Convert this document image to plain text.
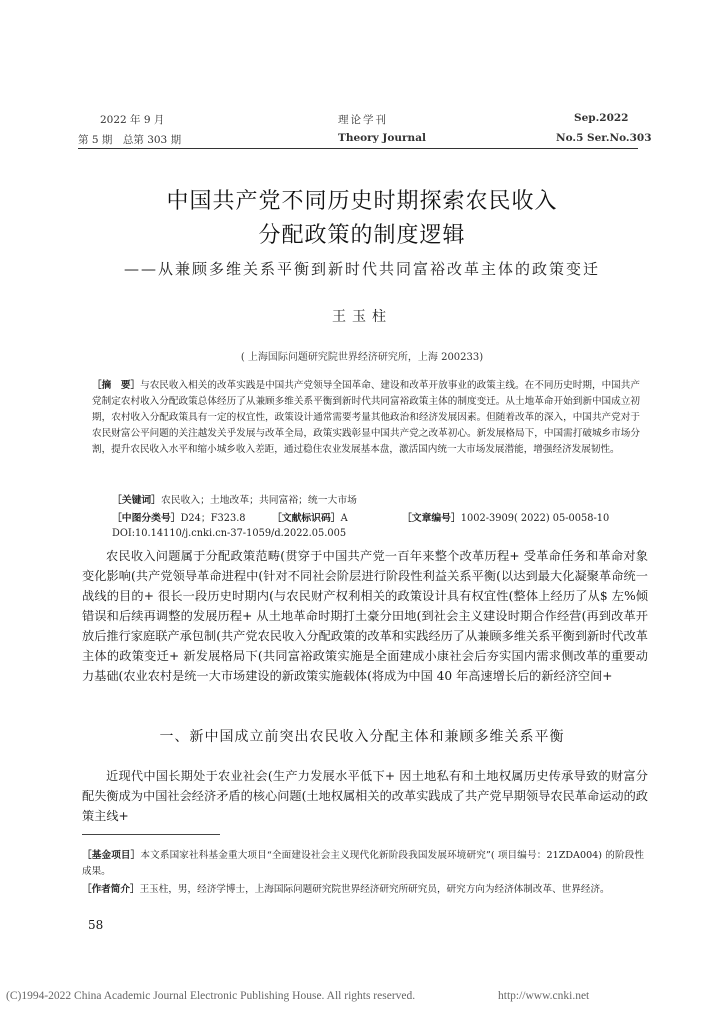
2022 年 9 月	理论学刊	Sep.2022
第 5 期　总第 303 期	Theory Journal	No.5 Ser.No.303
中国共产党不同历史时期探索农民收入
分配政策的制度逻辑
——从兼顾多维关系平衡到新时代共同富裕改革主体的政策变迁
王玉柱
( 上海国际问题研究院世界经济研究所，上海 200233)
［摘　要］与农民收入相关的改革实践是中国共产党领导全国革命、建设和改革开放事业的政策主线。在不同历史时期，中国共产党制定农村收入分配政策总体经历了从兼顾多维关系平衡到新时代共同富裕政策主体的制度变迁。从土地革命开始到新中国成立初期，农村收入分配政策具有一定的权宜性，政策设计通常需要考量其他政治和经济发展因素。但随着改革的深入，中国共产党对于农民财富公平问题的关注越发关乎发展与改革全局，政策实践彰显中国共产党之改革初心。新发展格局下，中国需打破城乡市场分割，提升农民收入水平和缩小城乡收入差距，通过稳住农业发展基本盘，激活国内统一大市场发展潜能，增强经济发展韧性。
［关键词］农民收入；土地改革；共同富裕；统一大市场
［中图分类号］D24；F323.8	［文献标识码］A	［文章编号］1002-3909( 2022) 05-0058-10
DOI:10.14110/j.cnki.cn-37-1059/d.2022.05.005
农民收入问题属于分配政策范畴(贯穿于中国共产党一百年来整个改革历程+ 受革命任务和革命对象变化影响(共产党领导革命进程中(针对不同社会阶层进行阶段性利益关系平衡(以达到最大化凝聚革命统一战线的目的+ 很长一段历史时期内(与农民财产权利相关的政策设计具有权宜性(整体上经历了从$ 左%倾错误和后续再调整的发展历程+ 从土地革命时期打土豪分田地(到社会主义建设时期合作经营(再到改革开放后推行家庭联产承包制(共产党农民收入分配政策的改革和实践经历了从兼顾多维关系平衡到新时代改革主体的政策变迁+ 新发展格局下(共同富裕政策实施是全面建成小康社会后夯实国内需求侧改革的重要动力基础(农业农村是统一大市场建设的新政策实施载体(将成为中国 40 年高速增长后的新经济空间+
一、新中国成立前突出农民收入分配主体和兼顾多维关系平衡
近现代中国长期处于农业社会(生产力发展水平低下+ 因土地私有和土地权属历史传承导致的财富分配失衡成为中国社会经济矛盾的核心问题(土地权属相关的改革实践成了共产党早期领导农民革命运动的政策主线+
［基金项目］本文系国家社科基金重大项目“全面建设社会主义现代化新阶段我国发展环境研究”( 项目编号：21ZDA004) 的阶段性成果。
［作者简介］王玉柱，男，经济学博士，上海国际问题研究院世界经济研究所研究员，研究方向为经济体制改革、世界经济。
58
(C)1994-2022 China Academic Journal Electronic Publishing House. All rights reserved.	http://www.cnki.net
